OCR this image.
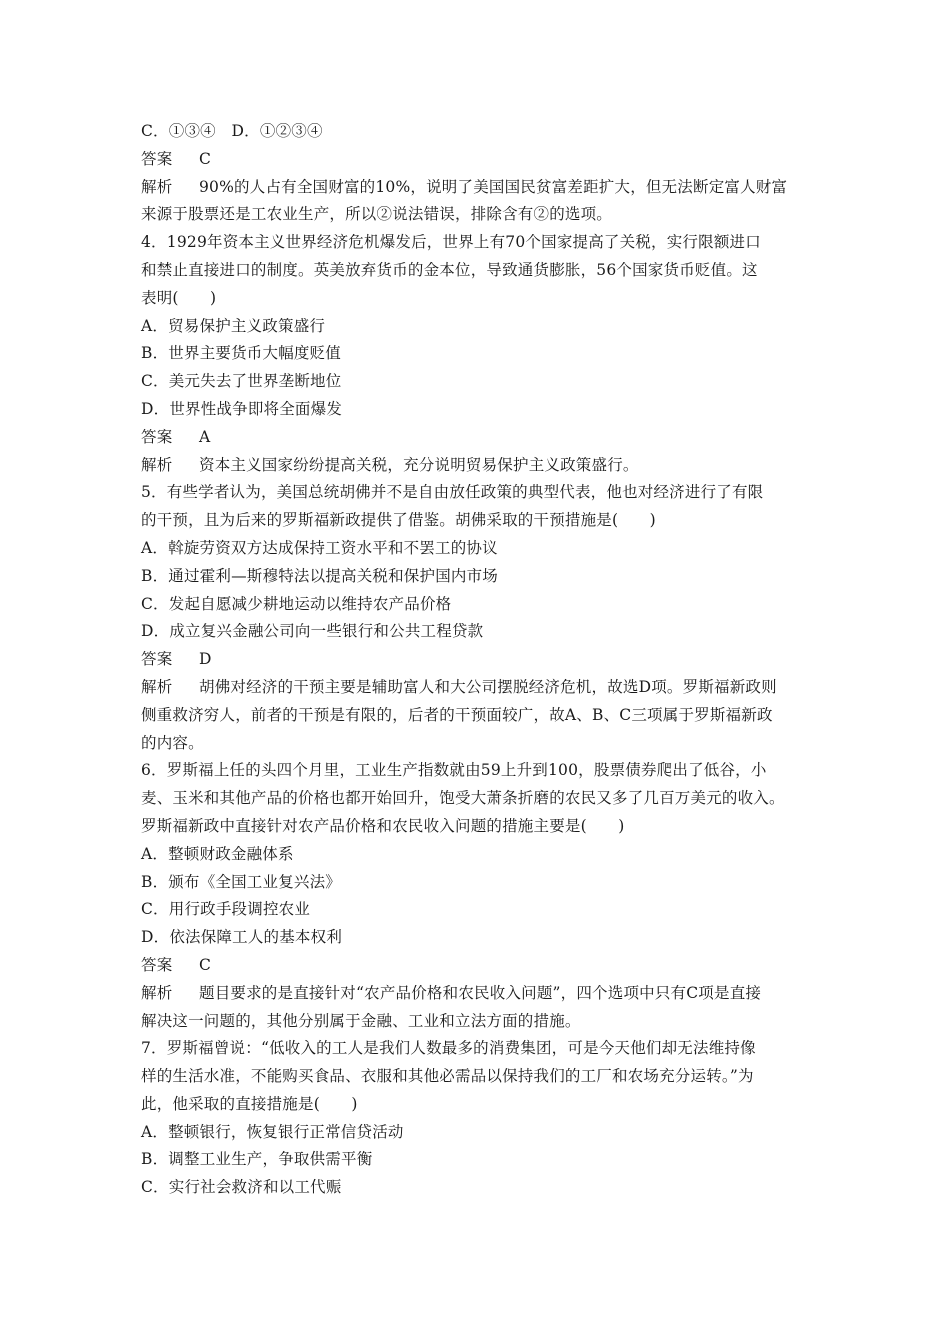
C．①③④　D．①②③④
答案 C
解析 90%的人占有全国财富的10%，说明了美国国民贫富差距扩大，但无法断定富人财富
来源于股票还是工农业生产，所以②说法错误，排除含有②的选项。
4．1929年资本主义世界经济危机爆发后，世界上有70个国家提高了关税，实行限额进口
和禁止直接进口的制度。英美放弃货币的金本位，导致通货膨胀，56个国家货币贬值。这
表明(　　)
A．贸易保护主义政策盛行
B．世界主要货币大幅度贬值
C．美元失去了世界垄断地位
D．世界性战争即将全面爆发
答案 A
解析 资本主义国家纷纷提高关税，充分说明贸易保护主义政策盛行。
5．有些学者认为，美国总统胡佛并不是自由放任政策的典型代表，他也对经济进行了有限
的干预，且为后来的罗斯福新政提供了借鉴。胡佛采取的干预措施是(　　)
A．斡旋劳资双方达成保持工资水平和不罢工的协议
B．通过霍利—斯穆特法以提高关税和保护国内市场
C．发起自愿减少耕地运动以维持农产品价格
D．成立复兴金融公司向一些银行和公共工程贷款
答案 D
解析 胡佛对经济的干预主要是辅助富人和大公司摆脱经济危机，故选D项。罗斯福新政则
侧重救济穷人，前者的干预是有限的，后者的干预面较广，故A、B、C三项属于罗斯福新政
的内容。
6．罗斯福上任的头四个月里，工业生产指数就由59上升到100，股票债券爬出了低谷，小
麦、玉米和其他产品的价格也都开始回升，饱受大萧条折磨的农民又多了几百万美元的收入。
罗斯福新政中直接针对农产品价格和农民收入问题的措施主要是(　　)
A．整顿财政金融体系
B．颁布《全国工业复兴法》
C．用行政手段调控农业
D．依法保障工人的基本权利
答案 C
解析 题目要求的是直接针对“农产品价格和农民收入问题”，四个选项中只有C项是直接
解决这一问题的，其他分别属于金融、工业和立法方面的措施。
7．罗斯福曾说：“低收入的工人是我们人数最多的消费集团，可是今天他们却无法维持像
样的生活水准，不能购买食品、衣服和其他必需品以保持我们的工厂和农场充分运转。”为
此，他采取的直接措施是(　　)
A．整顿银行，恢复银行正常信贷活动
B．调整工业生产，争取供需平衡
C．实行社会救济和以工代赈
